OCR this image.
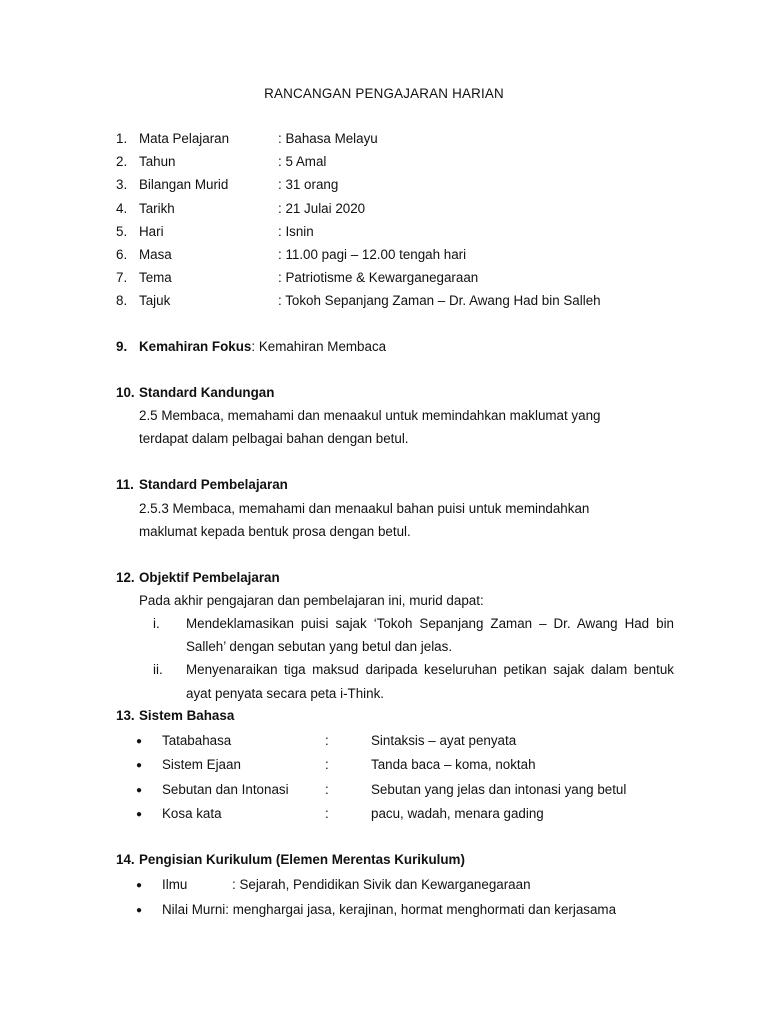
RANCANGAN PENGAJARAN HARIAN
1. Mata Pelajaran	: Bahasa Melayu
2. Tahun	: 5 Amal
3. Bilangan Murid	: 31 orang
4. Tarikh	: 21 Julai 2020
5. Hari	: Isnin
6. Masa	: 11.00 pagi – 12.00 tengah hari
7. Tema	: Patriotisme & Kewarganegaraan
8. Tajuk	: Tokoh Sepanjang Zaman – Dr. Awang Had bin Salleh
9. Kemahiran Fokus: Kemahiran Membaca
10. Standard Kandungan
2.5 Membaca, memahami dan menaakul untuk memindahkan maklumat yang
terdapat dalam pelbagai bahan dengan betul.
11. Standard Pembelajaran
2.5.3 Membaca, memahami dan menaakul bahan puisi untuk memindahkan
maklumat kepada bentuk prosa dengan betul.
12. Objektif Pembelajaran
Pada akhir pengajaran dan pembelajaran ini, murid dapat:
i.	Mendeklamasikan puisi sajak ‘Tokoh Sepanjang Zaman – Dr. Awang Had bin Salleh’ dengan sebutan yang betul dan jelas.
ii.	Menyenaraikan tiga maksud daripada keseluruhan petikan sajak dalam bentuk ayat penyata secara peta i-Think.
13. Sistem Bahasa
● Tatabahasa	:	Sintaksis – ayat penyata
● Sistem Ejaan	:	Tanda baca – koma, noktah
● Sebutan dan Intonasi	:	Sebutan yang jelas dan intonasi yang betul
● Kosa kata	:	pacu, wadah, menara gading
14. Pengisian Kurikulum (Elemen Merentas Kurikulum)
● Ilmu	: Sejarah, Pendidikan Sivik dan Kewarganegaraan
● Nilai Murni: menghargai jasa, kerajinan, hormat menghormati dan kerjasama
